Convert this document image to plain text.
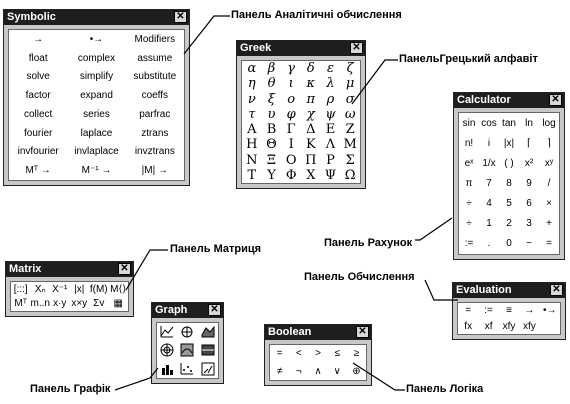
Symbolic	✕
→	•→	Modifiers
float	complex	assume
solve	simplify	substitute
factor	expand	coeffs
collect	series	parfrac
fourier	laplace	ztrans
invfourier	invlaplace	invztrans
Mᵀ →	M⁻¹ →	|M| →
Greek	✕
α β γ δ ε ζ
η θ	ι κ λ μ
ν ξ ο π ρ σ
τ υ φ χ ψ ω
Α Β Γ Δ Ε Ζ
Η Θ Ι Κ Λ Μ
Ν Ξ Ο Π Ρ Σ
Τ Υ Φ Χ Ψ Ω
Calculator	✕
sin cos tan ln log
n!	i	|x|	⌈	⌉
eˣ 1/x ( )	x²	xʸ
π	7	8	9	/
÷	4	5	6	×
÷	1	2	3	+
:=	.	0	−	=
Matrix	✕
[:::] Xₙ X⁻¹ |x| f(M) M⟨⟩
Mᵀ m..n x·y x×y Σv ▦
Graph ✕
Boolean	✕
=	<	>	≤	≥
≠	¬	∧	∨	⊕
Evaluation	✕
=	:=	≡	→ •→
fx	xf	xfy xfy
Панель Аналітичні обчислення
ПанельГрецький алфавіт
Панель Рахунок
Панель Матриця
Панель Обчислення
Панель Графік	Панель Логіка
